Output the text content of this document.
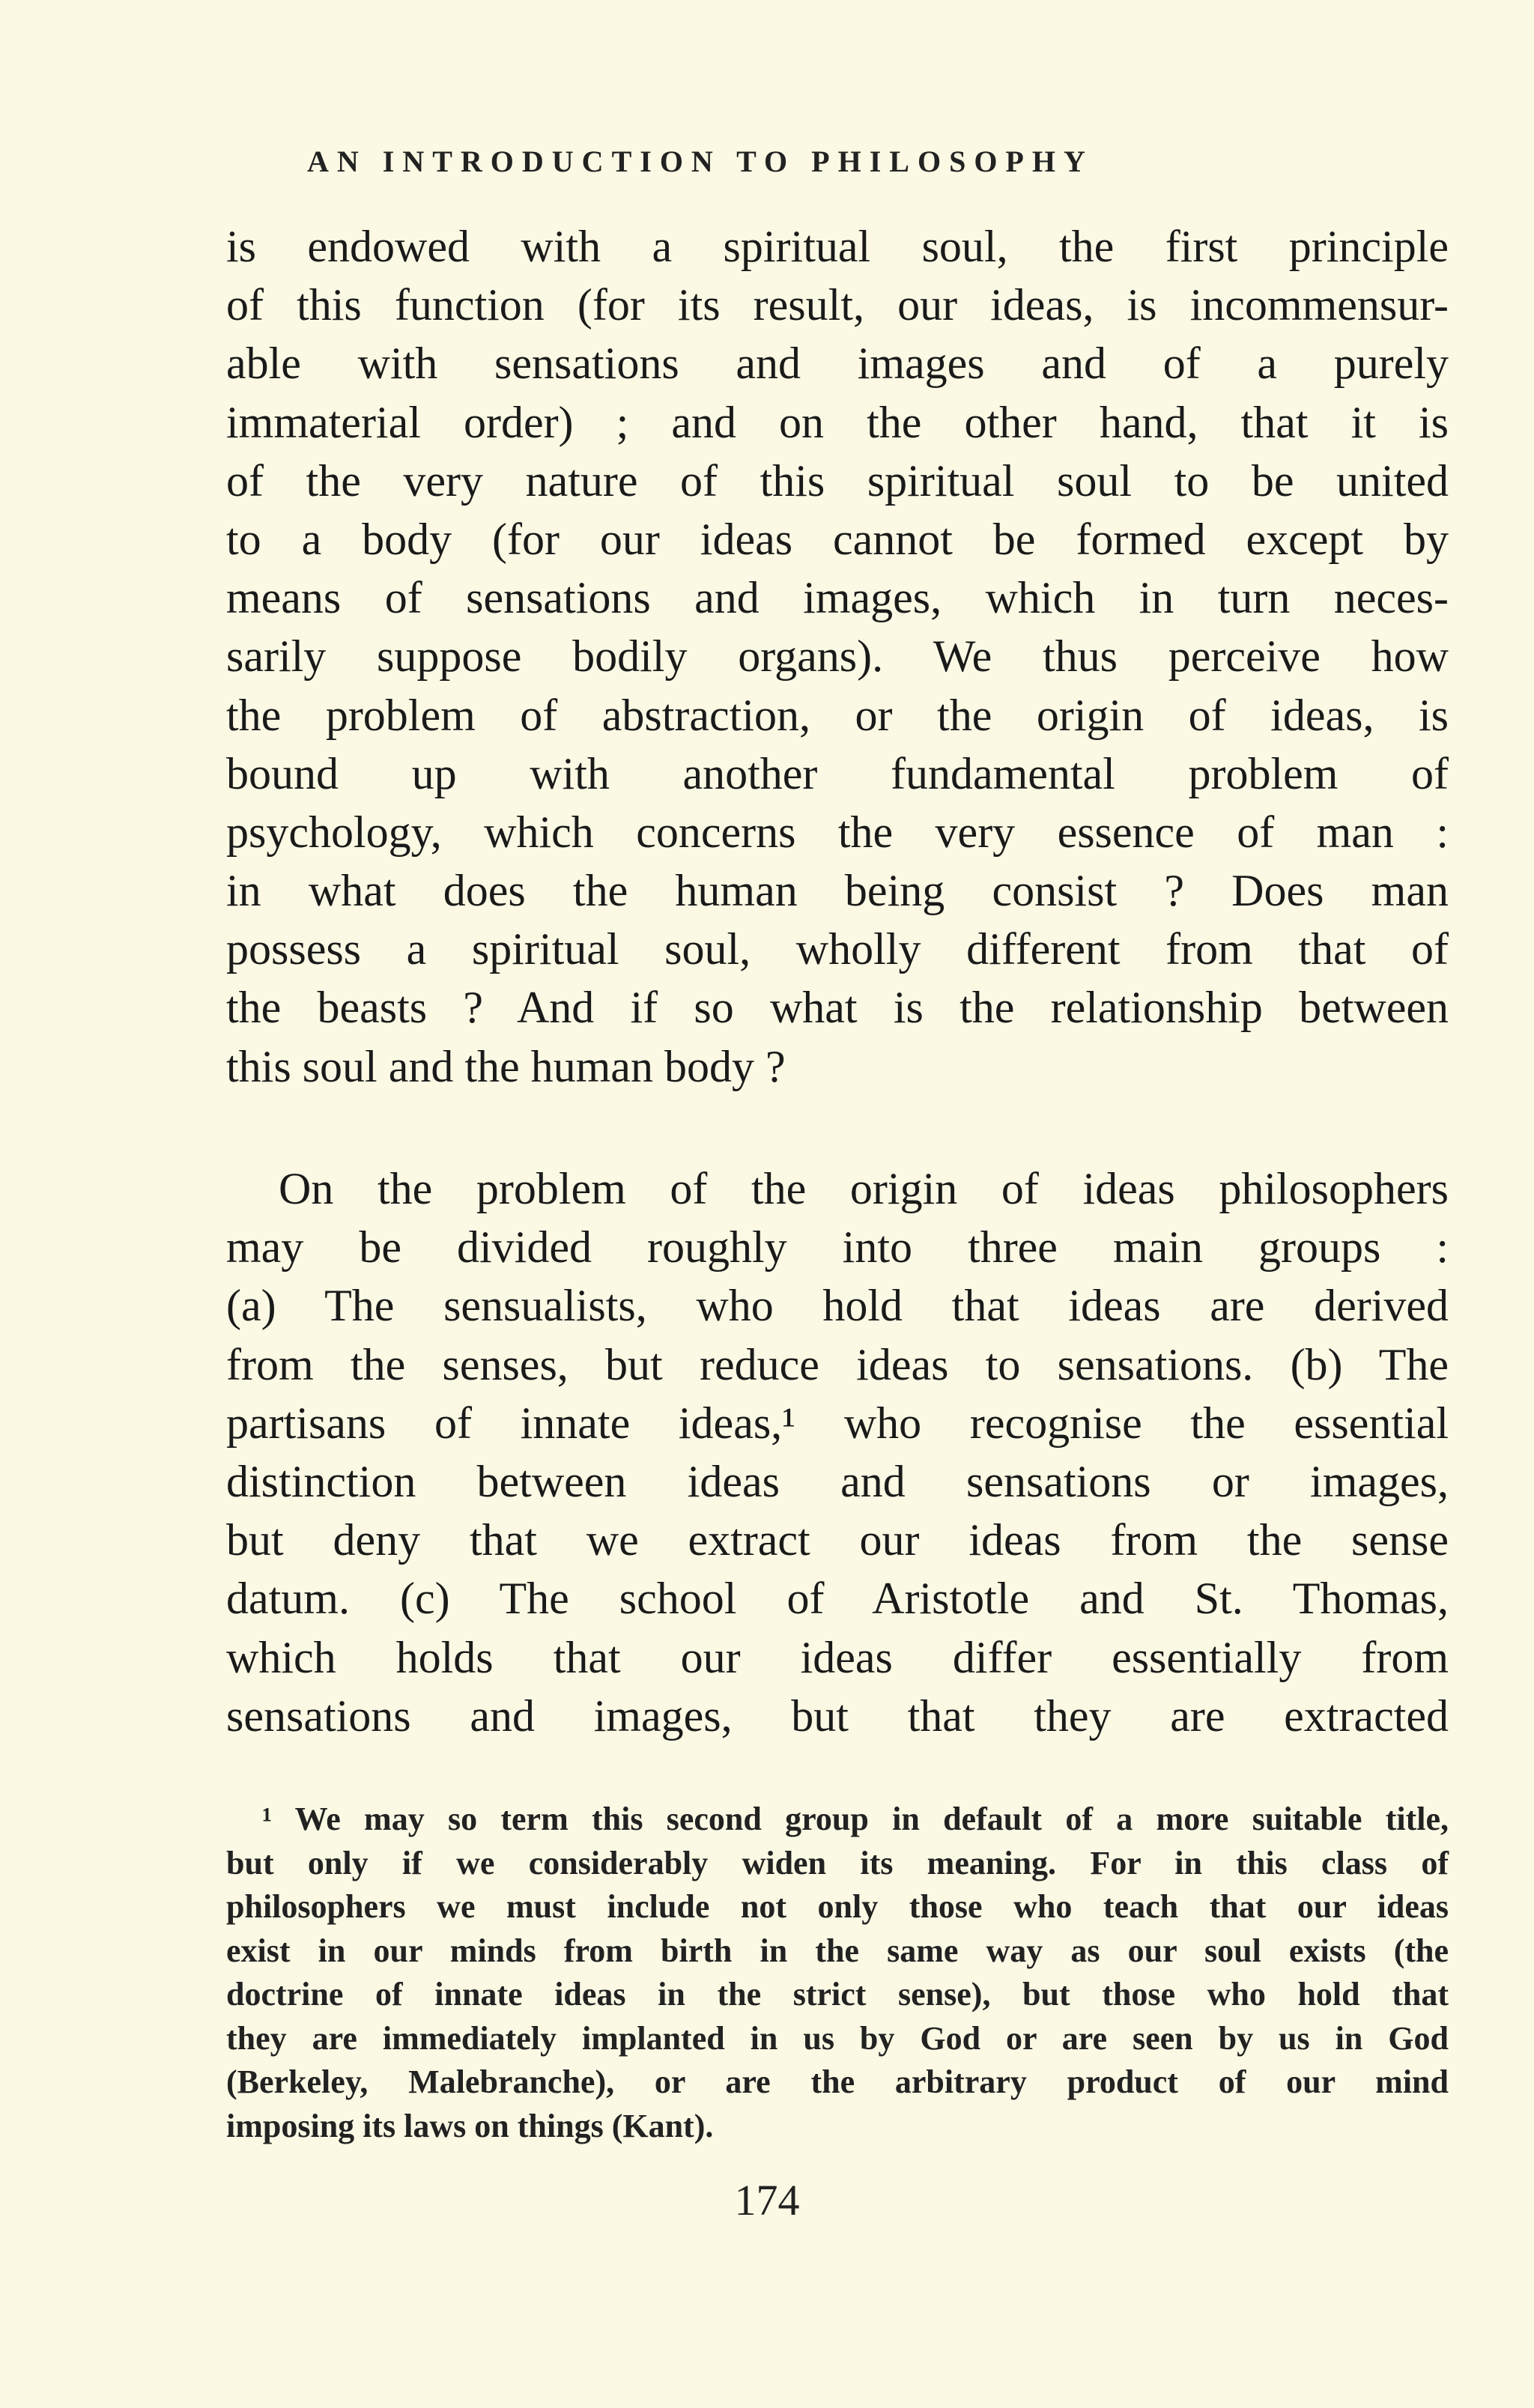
AN INTRODUCTION TO PHILOSOPHY
is endowed with a spiritual soul, the first principle
of this function (for its result, our ideas, is incommensur-
able with sensations and images and of a purely
immaterial order) ; and on the other hand, that it is
of the very nature of this spiritual soul to be united
to a body (for our ideas cannot be formed except by
means of sensations and images, which in turn neces-
sarily suppose bodily organs). We thus perceive how
the problem of abstraction, or the origin of ideas, is
bound up with another fundamental problem of
psychology, which concerns the very essence of man :
in what does the human being consist ? Does man
possess a spiritual soul, wholly different from that of
the beasts ? And if so what is the relationship between
this soul and the human body ?
On the problem of the origin of ideas philosophers
may be divided roughly into three main groups :
(a) The sensualists, who hold that ideas are derived
from the senses, but reduce ideas to sensations. (b) The
partisans of innate ideas,¹ who recognise the essential
distinction between ideas and sensations or images,
but deny that we extract our ideas from the sense
datum. (c) The school of Aristotle and St. Thomas,
which holds that our ideas differ essentially from
sensations and images, but that they are extracted
¹ We may so term this second group in default of a more suitable title,
but only if we considerably widen its meaning. For in this class of
philosophers we must include not only those who teach that our ideas
exist in our minds from birth in the same way as our soul exists (the
doctrine of innate ideas in the strict sense), but those who hold that
they are immediately implanted in us by God or are seen by us in God
(Berkeley, Malebranche), or are the arbitrary product of our mind
imposing its laws on things (Kant).
174
